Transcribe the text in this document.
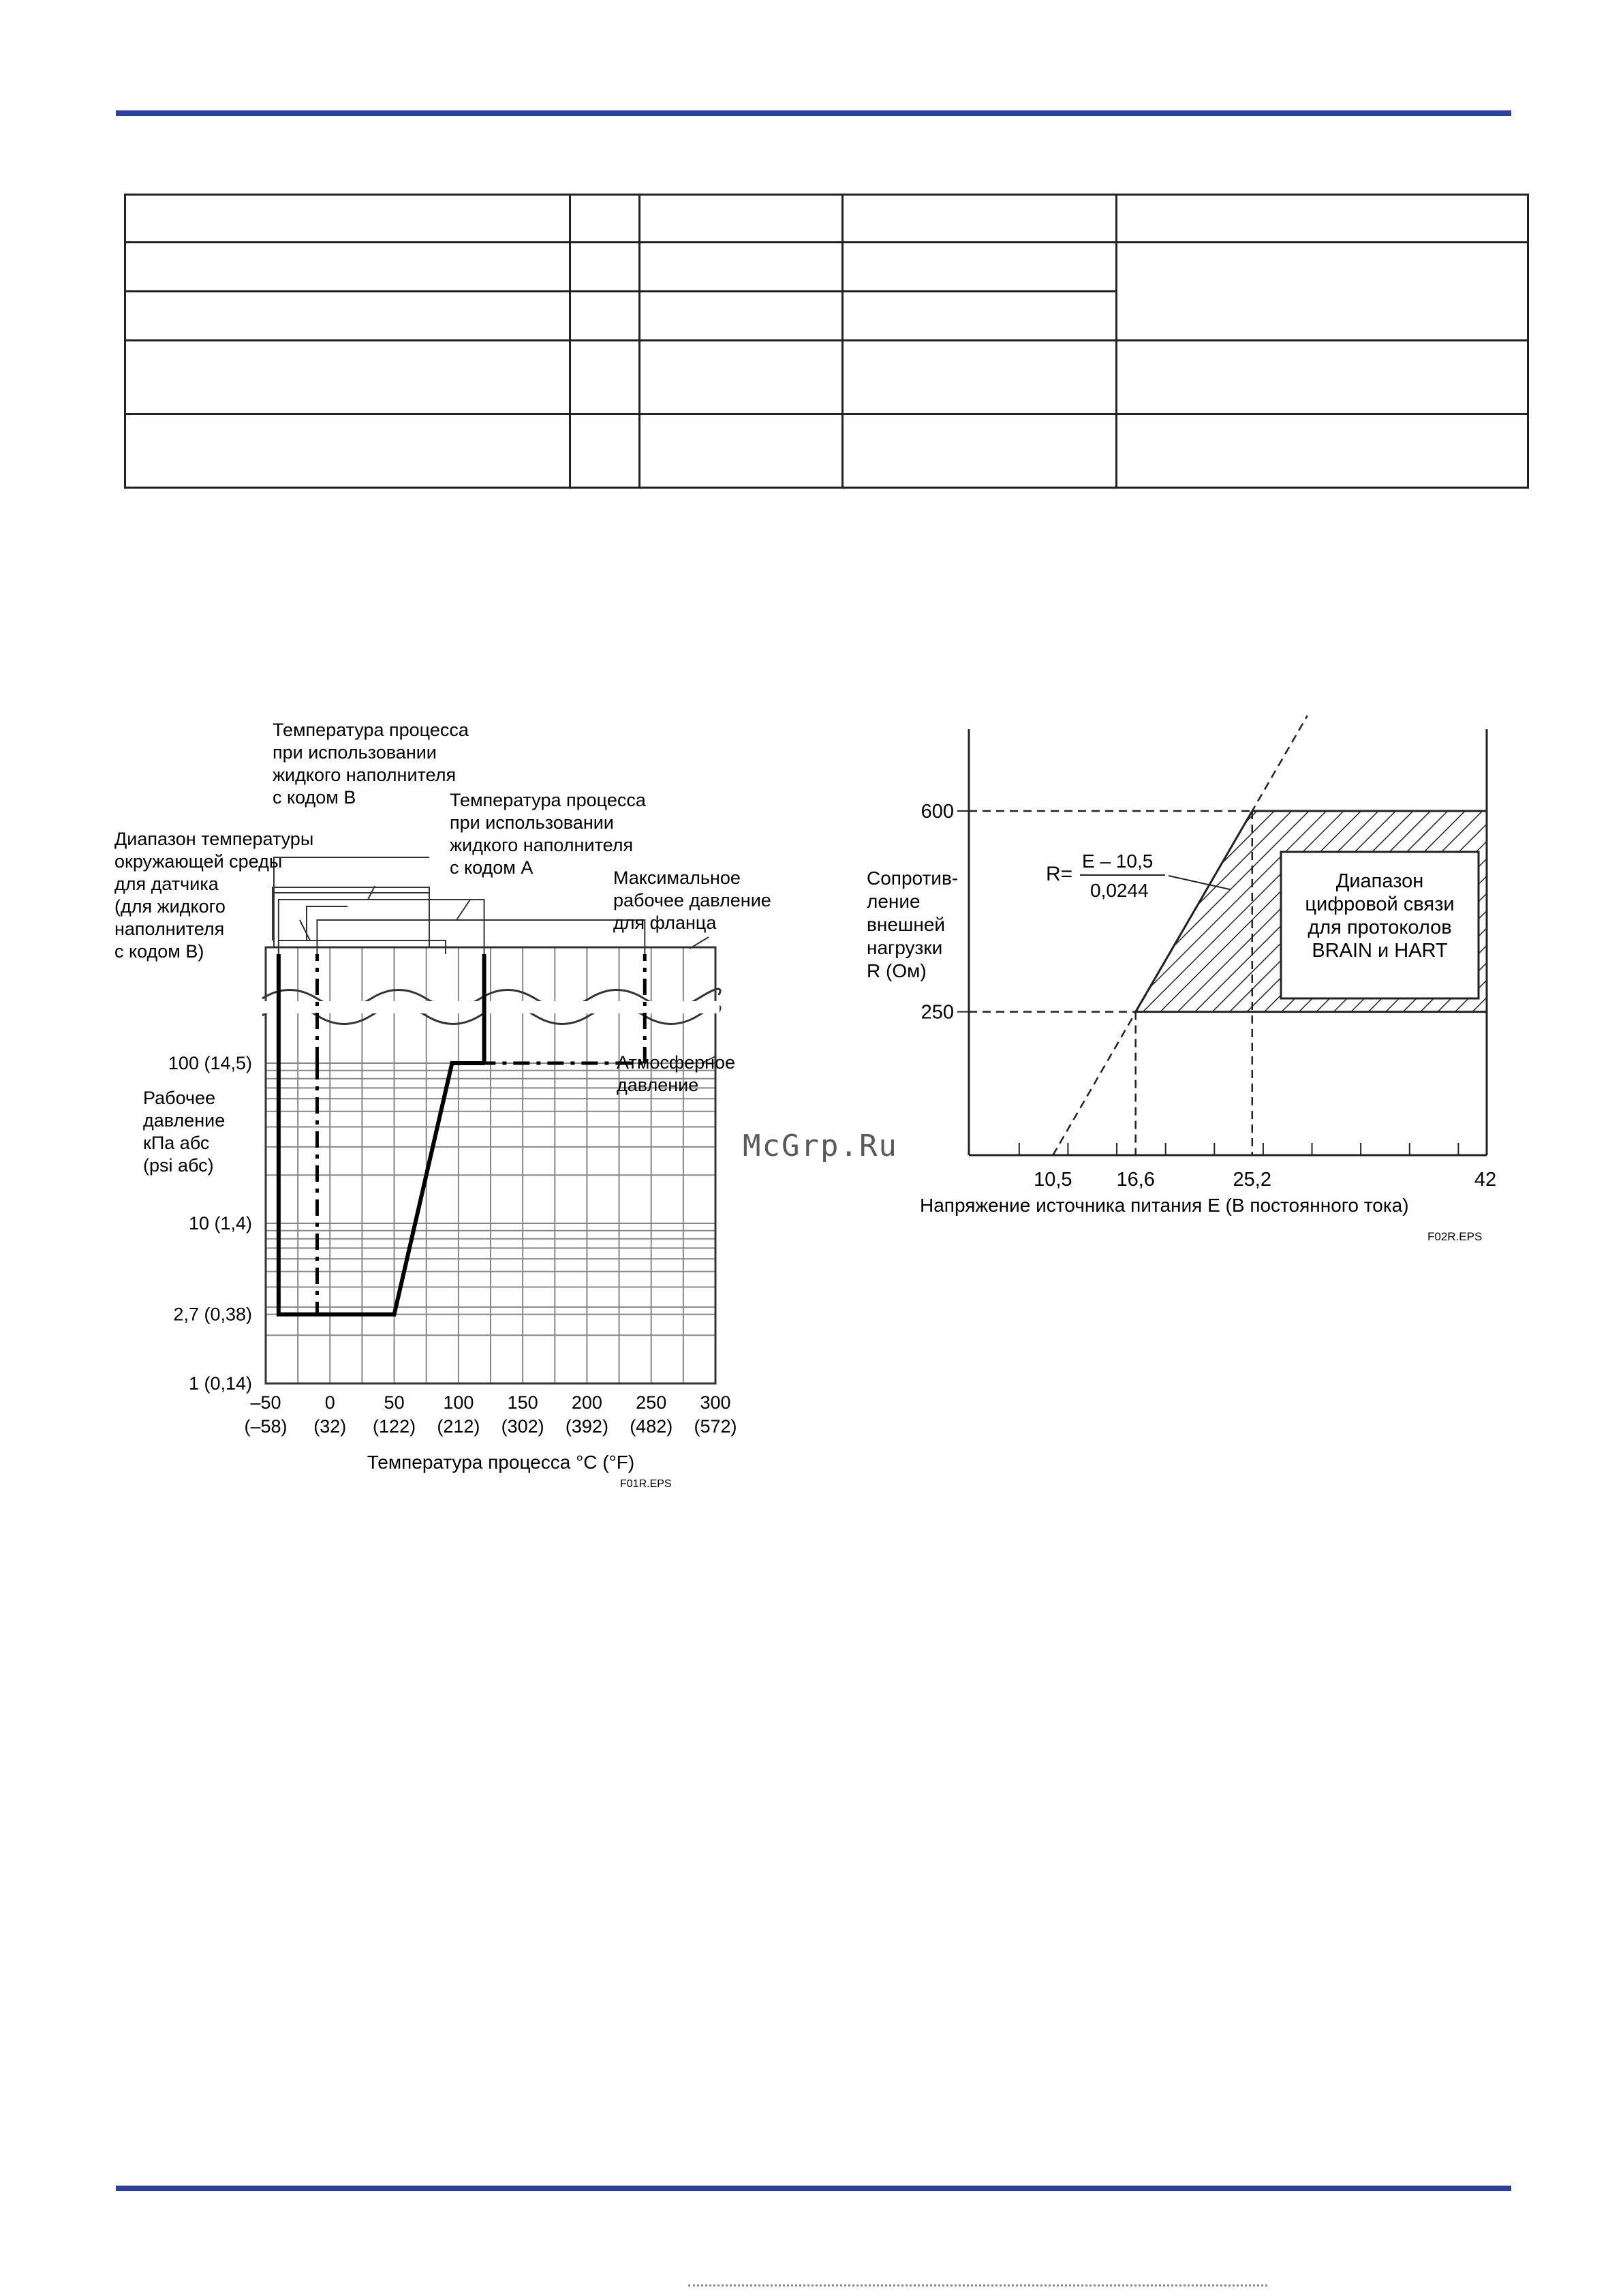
Температура процесса
при использовании
жидкого наполнителя
с кодом B	Температура процесса
при использовании
жидкого наполнителя
с кодом A
Диапазон температуры
окружающей среды
для датчика
(для жидкого
наполнителя
с кодом B)
Максимальное
рабочее давление
для фланца
Атмосферное
давление
100 (14,5)
10 (1,4)
2,7 (0,38)
1 (0,14)
Рабочее
давление
кПа абс
(psi абс)
–50 0	50 100 150 200 250 300
(–58) (32) (122) (212) (302) (392) (482) (572)
Температура процесса °C (°F)
F01R.EPS
Диапазон
цифровой связи
для протоколов
BRAIN и HART
R=
E – 10,5
0,0244
600
250
Сопротив-
ление
внешней
нагрузки
R (Ом)
10,5 16,6	25,2	42
Напряжение источника питания E (В постоянного тока)
F02R.EPS
McGrp.Ru
